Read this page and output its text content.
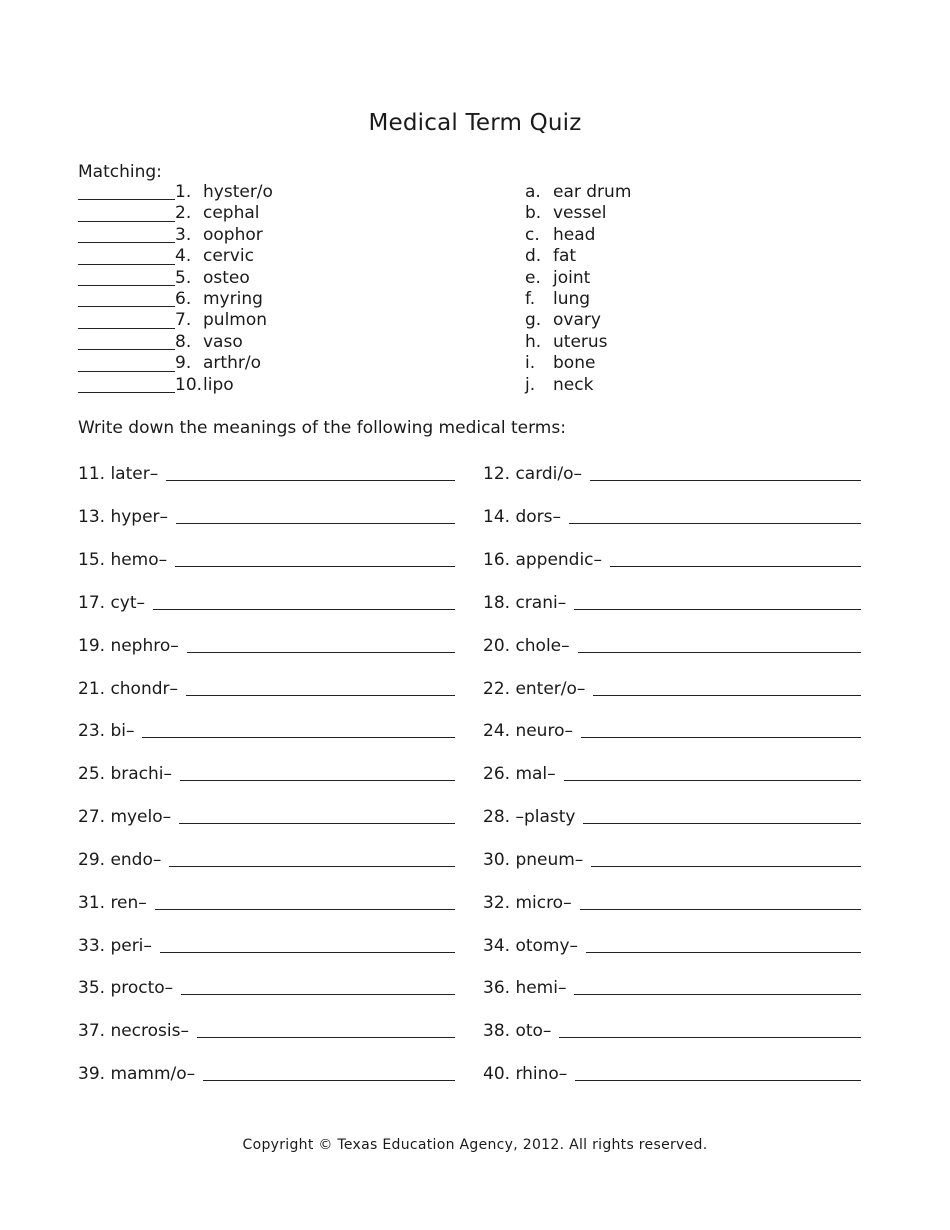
Medical Term Quiz
Matching:
1. hyster/o
2. cephal
3. oophor
4. cervic
5. osteo
6. myring
7. pulmon
8. vaso
9. arthr/o
10. lipo
a. ear drum
b. vessel
c. head
d. fat
e. joint
f. lung
g. ovary
h. uterus
i. bone
j. neck
Write down the meanings of the following medical terms:
11. later–	12. cardi/o–
13. hyper–	14. dors–
15. hemo–	16. appendic–
17. cyt–	18. crani–
19. nephro–	20. chole–
21. chondr–	22. enter/o–
23. bi–	24. neuro–
25. brachi–	26. mal–
27. myelo–	28. –plasty
29. endo–	30. pneum–
31. ren–	32. micro–
33. peri–	34. otomy–
35. procto–	36. hemi–
37. necrosis–	38. oto–
39. mamm/o–	40. rhino–
Copyright © Texas Education Agency, 2012. All rights reserved.
